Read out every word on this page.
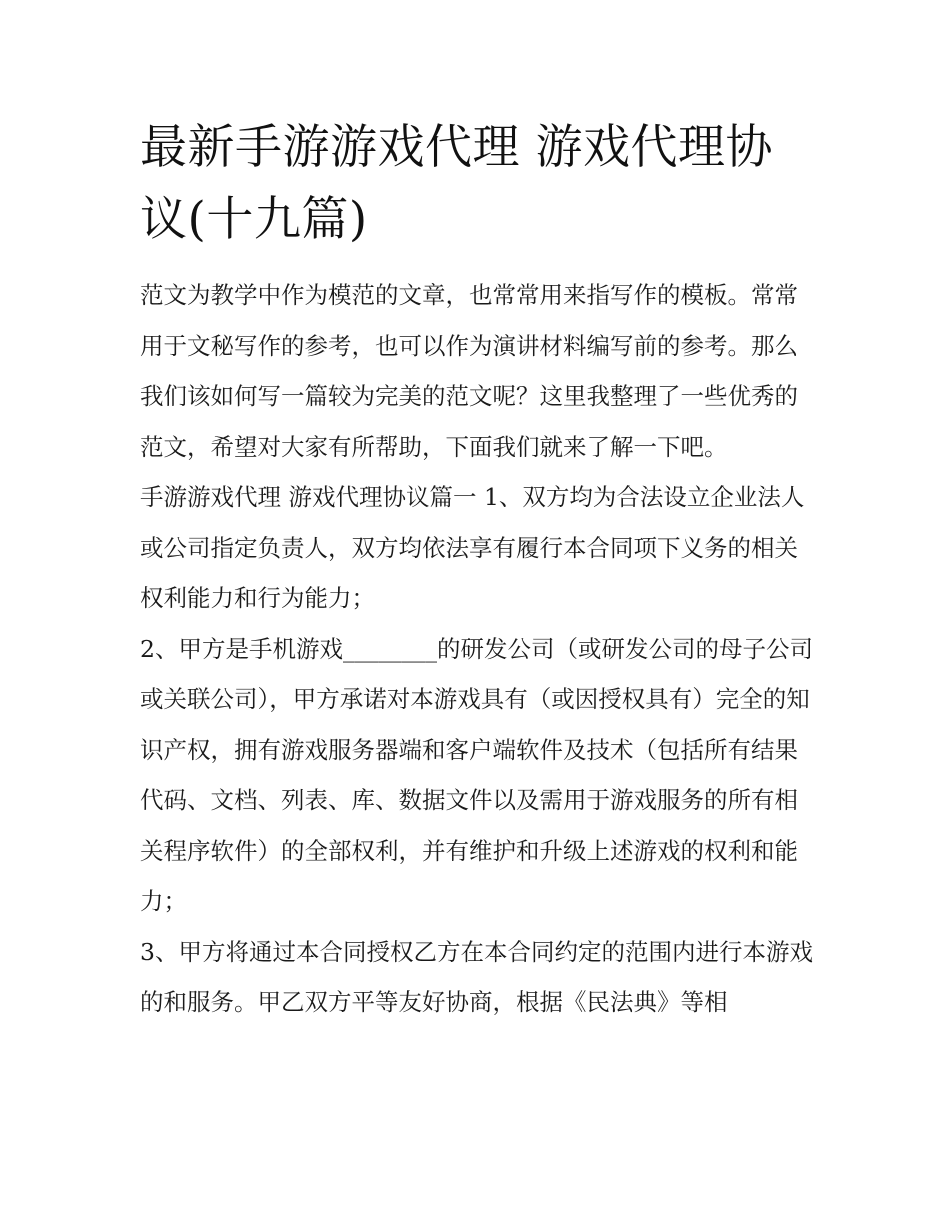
最新手游游戏代理 游戏代理协议(十九篇)

范文为教学中作为模范的文章，也常常用来指写作的模板。常常用于文秘写作的参考，也可以作为演讲材料编写前的参考。那么我们该如何写一篇较为完美的范文呢？这里我整理了一些优秀的范文，希望对大家有所帮助，下面我们就来了解一下吧。

手游游戏代理 游戏代理协议篇一 1、双方均为合法设立企业法人或公司指定负责人，双方均依法享有履行本合同项下义务的相关权利能力和行为能力；

2、甲方是手机游戏________的研发公司（或研发公司的母子公司或关联公司），甲方承诺对本游戏具有（或因授权具有）完全的知识产权，拥有游戏服务器端和客户端软件及技术（包括所有结果代码、文档、列表、库、数据文件以及需用于游戏服务的所有相关程序软件）的全部权利，并有维护和升级上述游戏的权利和能力；

3、甲方将通过本合同授权乙方在本合同约定的范围内进行本游戏的和服务。甲乙双方平等友好协商，根据《民法典》等相
